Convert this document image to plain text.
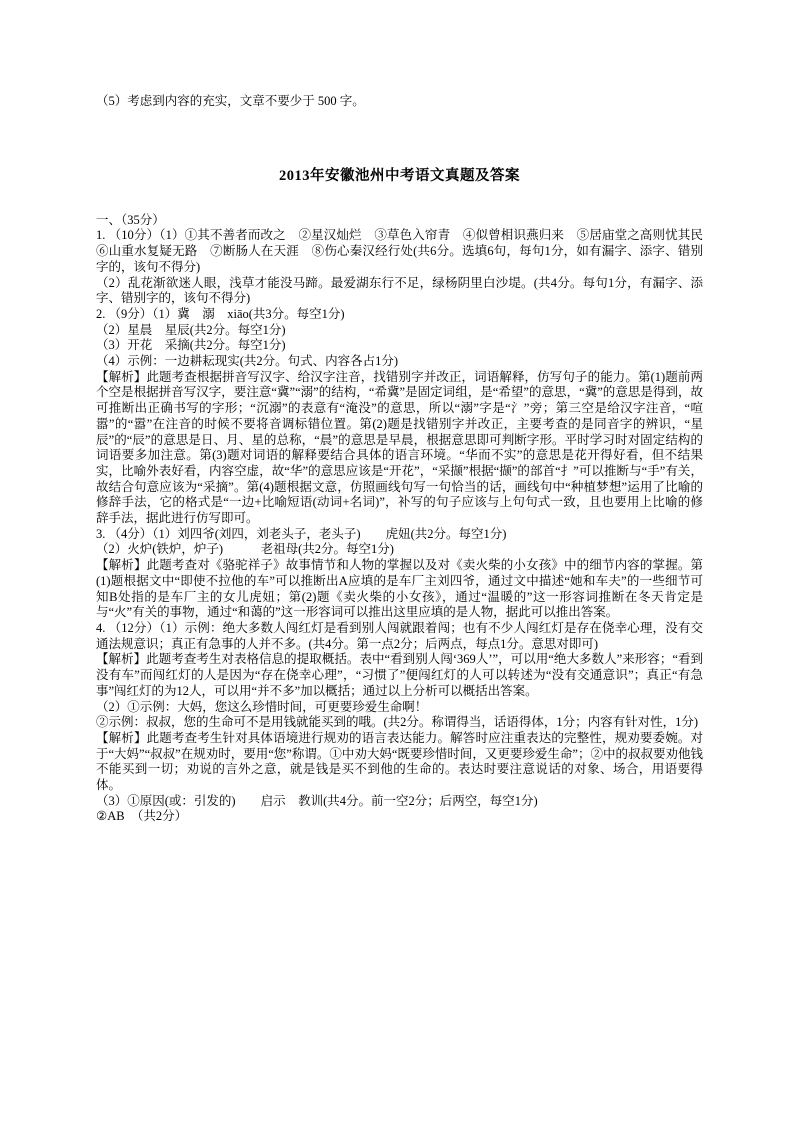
（5）考虑到内容的充实，文章不要少于 500 字。

2013年安徽池州中考语文真题及答案

一、（35分）

1. （10分）（1）①其不善者而改之　②星汉灿烂　③草色入帘青　④似曾相识燕归来　⑤居庙堂之高则忧其民　⑥山重水复疑无路　⑦断肠人在天涯　⑧伤心秦汉经行处(共6分。选填6句，每句1分，如有漏字、添字、错别字的，该句不得分)

（2）乱花渐欲迷人眼，浅草才能没马蹄。最爱湖东行不足，绿杨阴里白沙堤。(共4分。每句1分，有漏字、添字、错别字的，该句不得分)

2. （9分）（1）冀　溺　xiāo(共3分。每空1分)

（2）星晨　星辰(共2分。每空1分)

（3）开花　采摘(共2分。每空1分)

（4）示例：一边耕耘现实(共2分。句式、内容各占1分)

【解析】此题考查根据拼音写汉字、给汉字注音，找错别字并改正，词语解释，仿写句子的能力。第(1)题前两个空是根据拼音写汉字，要注意“冀”“溺”的结构，“希冀”是固定词组，是“希望”的意思，“冀”的意思是得到，故可推断出正确书写的字形；“沉溺”的表意有“淹没”的意思，所以“溺”字是“氵”旁；第三空是给汉字注音，“喧嚣”的“嚣”在注音的时候不要将音调标错位置。第(2)题是找错别字并改正，主要考查的是同音字的辨识，“星辰”的“辰”的意思是日、月、星的总称，“晨”的意思是早晨，根据意思即可判断字形。平时学习时对固定结构的词语要多加注意。第(3)题对词语的解释要结合具体的语言环境。“华而不实”的意思是花开得好看，但不结果实，比喻外表好看，内容空虚，故“华”的意思应该是“开花”，“采撷”根据“撷”的部首“扌”可以推断与“手”有关，故结合句意应该为“采摘”。第(4)题根据文意，仿照画线句写一句恰当的话，画线句中“种植梦想”运用了比喻的修辞手法，它的格式是“一边+比喻短语(动词+名词)”，补写的句子应该与上句句式一致，且也要用上比喻的修辞手法，据此进行仿写即可。

3. （4分）（1）刘四爷(刘四，刘老头子，老头子)　　虎妞(共2分。每空1分)

（2）火炉(铁炉，炉子)　　　老祖母(共2分。每空1分)

【解析】此题考查对《骆驼祥子》故事情节和人物的掌握以及对《卖火柴的小女孩》中的细节内容的掌握。第(1)题根据文中“即使不拉他的车”可以推断出A应填的是车厂主刘四爷，通过文中描述“她和车夫”的一些细节可知B处指的是车厂主的女儿虎妞；第(2)题《卖火柴的小女孩》，通过“温暖的”这一形容词推断在冬天肯定是与“火”有关的事物，通过“和蔼的”这一形容词可以推出这里应填的是人物，据此可以推出答案。

4. （12分）（1）示例：绝大多数人闯红灯是看到别人闯就跟着闯；也有不少人闯红灯是存在侥幸心理，没有交通法规意识；真正有急事的人并不多。(共4分。第一点2分；后两点，每点1分。意思对即可)

【解析】此题考查考生对表格信息的提取概括。表中“看到别人闯‘369人’”，可以用“绝大多数人”来形容；“看到没有车”而闯红灯的人是因为“存在侥幸心理”，“习惯了”便闯红灯的人可以转述为“没有交通意识”；真正“有急事”闯红灯的为12人，可以用“并不多”加以概括；通过以上分析可以概括出答案。

（2）①示例：大妈，您这么珍惜时间，可更要珍爱生命啊！

②示例：叔叔，您的生命可不是用钱就能买到的哦。(共2分。称谓得当，话语得体，1分；内容有针对性，1分)

【解析】此题考查考生针对具体语境进行规劝的语言表达能力。解答时应注重表达的完整性，规劝要委婉。对于“大妈”“叔叔”在规劝时，要用“您”称谓。①中劝大妈“既要珍惜时间，又更要珍爱生命”；②中的叔叔要劝他钱不能买到一切；劝说的言外之意，就是钱是买不到他的生命的。表达时要注意说话的对象、场合，用语要得体。

（3）①原因(或：引发的)　　启示　教训(共4分。前一空2分；后两空，每空1分)

②AB　（共2分）
